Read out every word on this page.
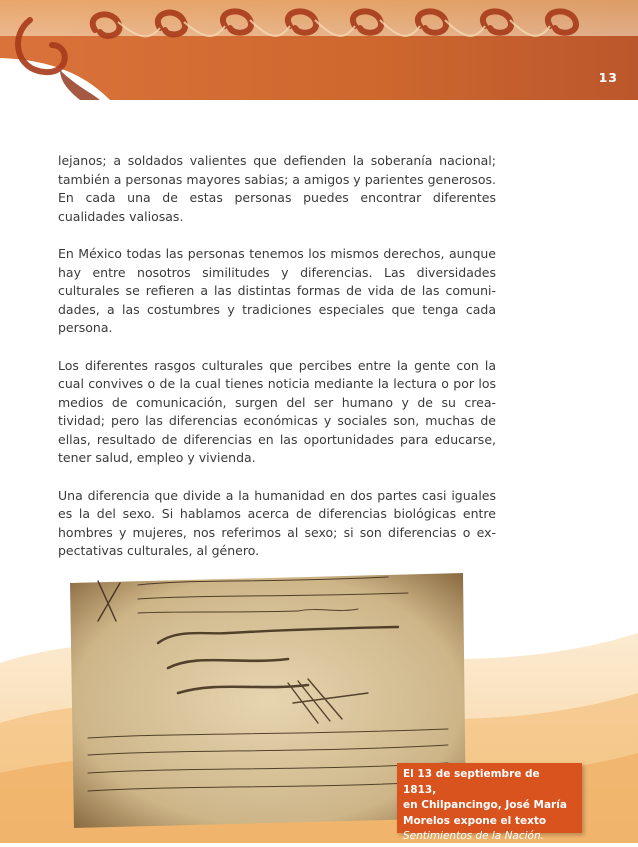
13

lejanos; a soldados valientes que defienden la soberanía nacional; también a personas mayores sabias; a amigos y parientes generosos. En cada una de estas personas puedes encontrar diferentes cualidades valiosas.

En México todas las personas tenemos los mismos derechos, aunque hay entre nosotros similitudes y diferencias. Las diversidades culturales se refieren a las distintas formas de vida de las comunidades, a las costumbres y tradiciones especiales que tenga cada persona.

Los diferentes rasgos culturales que percibes entre la gente con la cual convives o de la cual tienes noticia mediante la lectura o por los medios de comunicación, surgen del ser humano y de su crea-tividad; pero las diferencias económicas y sociales son, muchas de ellas, resultado de diferencias en las oportunidades para educarse, tener salud, empleo y vivienda.

Una diferencia que divide a la humanidad en dos partes casi iguales es la del sexo. Si hablamos acerca de diferencias biológicas entre hombres y mujeres, nos referimos al sexo; si son diferencias o expectativas culturales, al género.

El 13 de septiembre de 1813,
en Chilpancingo, José María
Morelos expone el texto
Sentimientos de la Nación.
